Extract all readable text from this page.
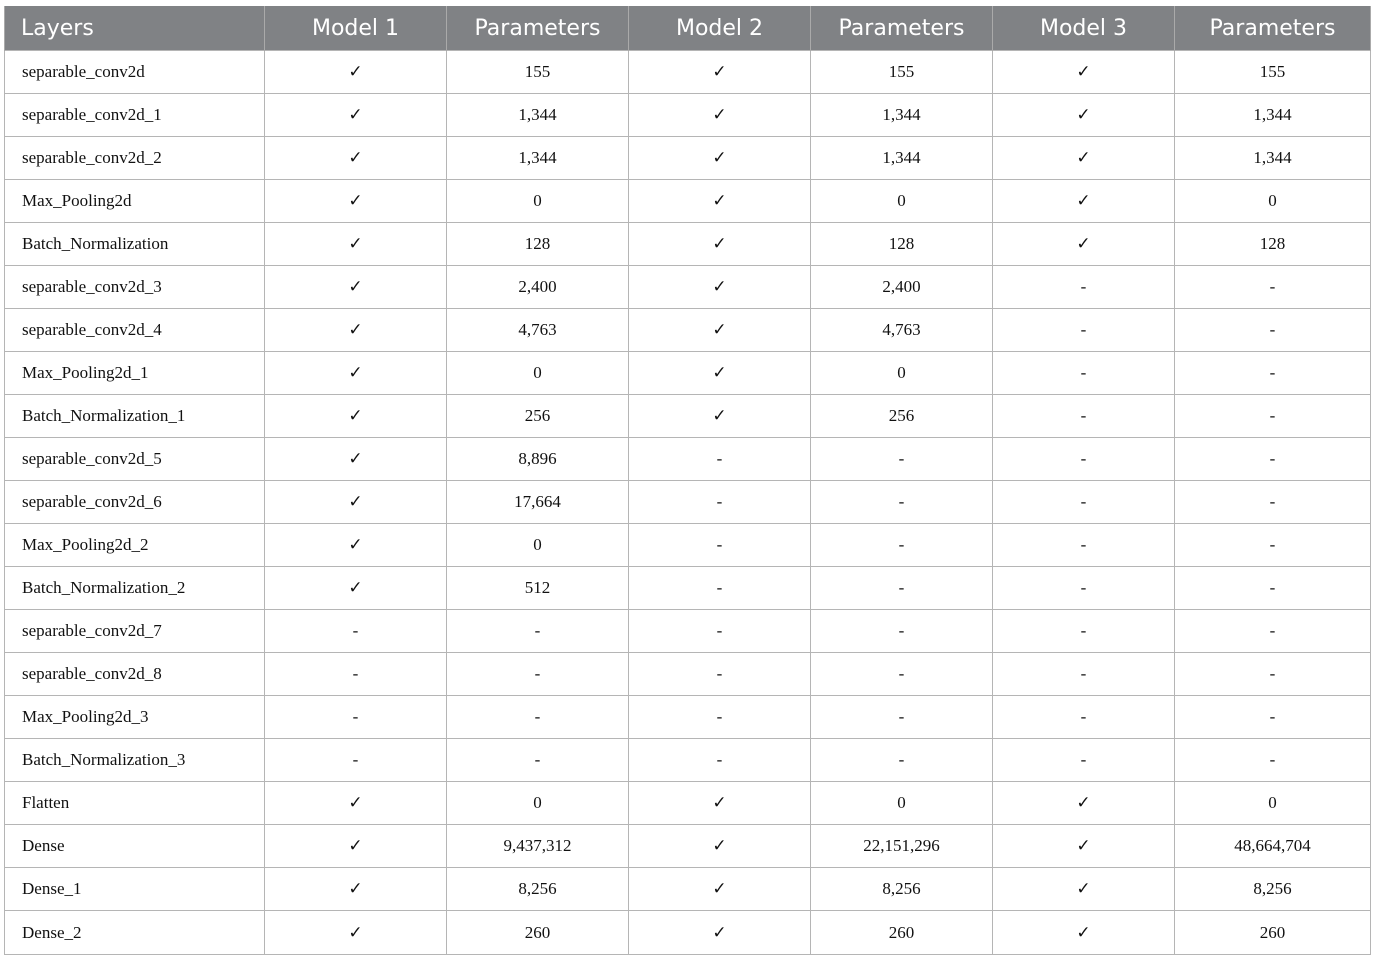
Layers	Model 1	Parameters	Model 2	Parameters	Model 3	Parameters
separable_conv2d	✓	155	✓	155	✓	155
separable_conv2d_1	✓	1,344	✓	1,344	✓	1,344
separable_conv2d_2	✓	1,344	✓	1,344	✓	1,344
Max_Pooling2d	✓	0	✓	0	✓	0
Batch_Normalization	✓	128	✓	128	✓	128
separable_conv2d_3	✓	2,400	✓	2,400	-	-
separable_conv2d_4	✓	4,763	✓	4,763	-	-
Max_Pooling2d_1	✓	0	✓	0	-	-
Batch_Normalization_1	✓	256	✓	256	-	-
separable_conv2d_5	✓	8,896	-	-	-	-
separable_conv2d_6	✓	17,664	-	-	-	-
Max_Pooling2d_2	✓	0	-	-	-	-
Batch_Normalization_2	✓	512	-	-	-	-
separable_conv2d_7	-	-	-	-	-	-
separable_conv2d_8	-	-	-	-	-	-
Max_Pooling2d_3	-	-	-	-	-	-
Batch_Normalization_3	-	-	-	-	-	-
Flatten	✓	0	✓	0	✓	0
Dense	✓	9,437,312	✓	22,151,296	✓	48,664,704
Dense_1	✓	8,256	✓	8,256	✓	8,256
Dense_2	✓	260	✓	260	✓	260
